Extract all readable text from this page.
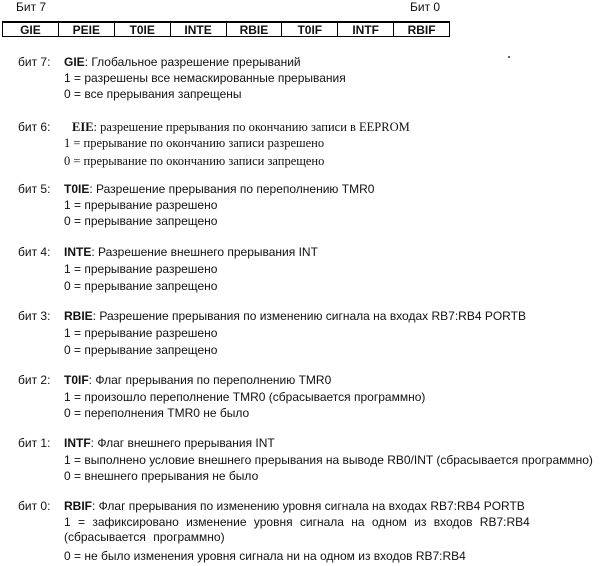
Бит 7	Бит 0
GIE	PEIE	T0IE	INTE	RBIE	T0IF	INTF	RBIF
бит 7: GIE: Глобальное разрешение прерываний
1 = разрешены все немаскированные прерывания
0 = все прерывания запрещены
бит 6: EIE: разрешение прерывания по окончанию записи в EEPROM
1 = прерывание по окончанию записи разрешено
0 = прерывание по окончанию записи запрещено
бит 5: T0IE: Разрешение прерывания по переполнению TMR0
1 = прерывание разрешено
0 = прерывание запрещено
бит 4: INTE: Разрешение внешнего прерывания INT
1 = прерывание разрешено
0 = прерывание запрещено
бит 3: RBIE: Разрешение прерывания по изменению сигнала на входах RB7:RB4 PORTB
1 = прерывание разрешено
0 = прерывание запрещено
бит 2: T0IF: Флаг прерывания по переполнению TMR0
1 = произошло переполнение TMR0 (сбрасывается программно)
0 = переполнения TMR0 не было
бит 1: INTF: Флаг внешнего прерывания INT
1 = выполнено условие внешнего прерывания на выводе RB0/INT (сбрасывается программно)
0 = внешнего прерывания не было
бит 0: RBIF: Флаг прерывания по изменению уровня сигнала на входах RB7:RB4 PORTB
1 = зафиксировано изменение уровня сигнала на одном из входов RB7:RB4 (сбрасывается программно)
0 = не было изменения уровня сигнала ни на одном из входов RB7:RB4
